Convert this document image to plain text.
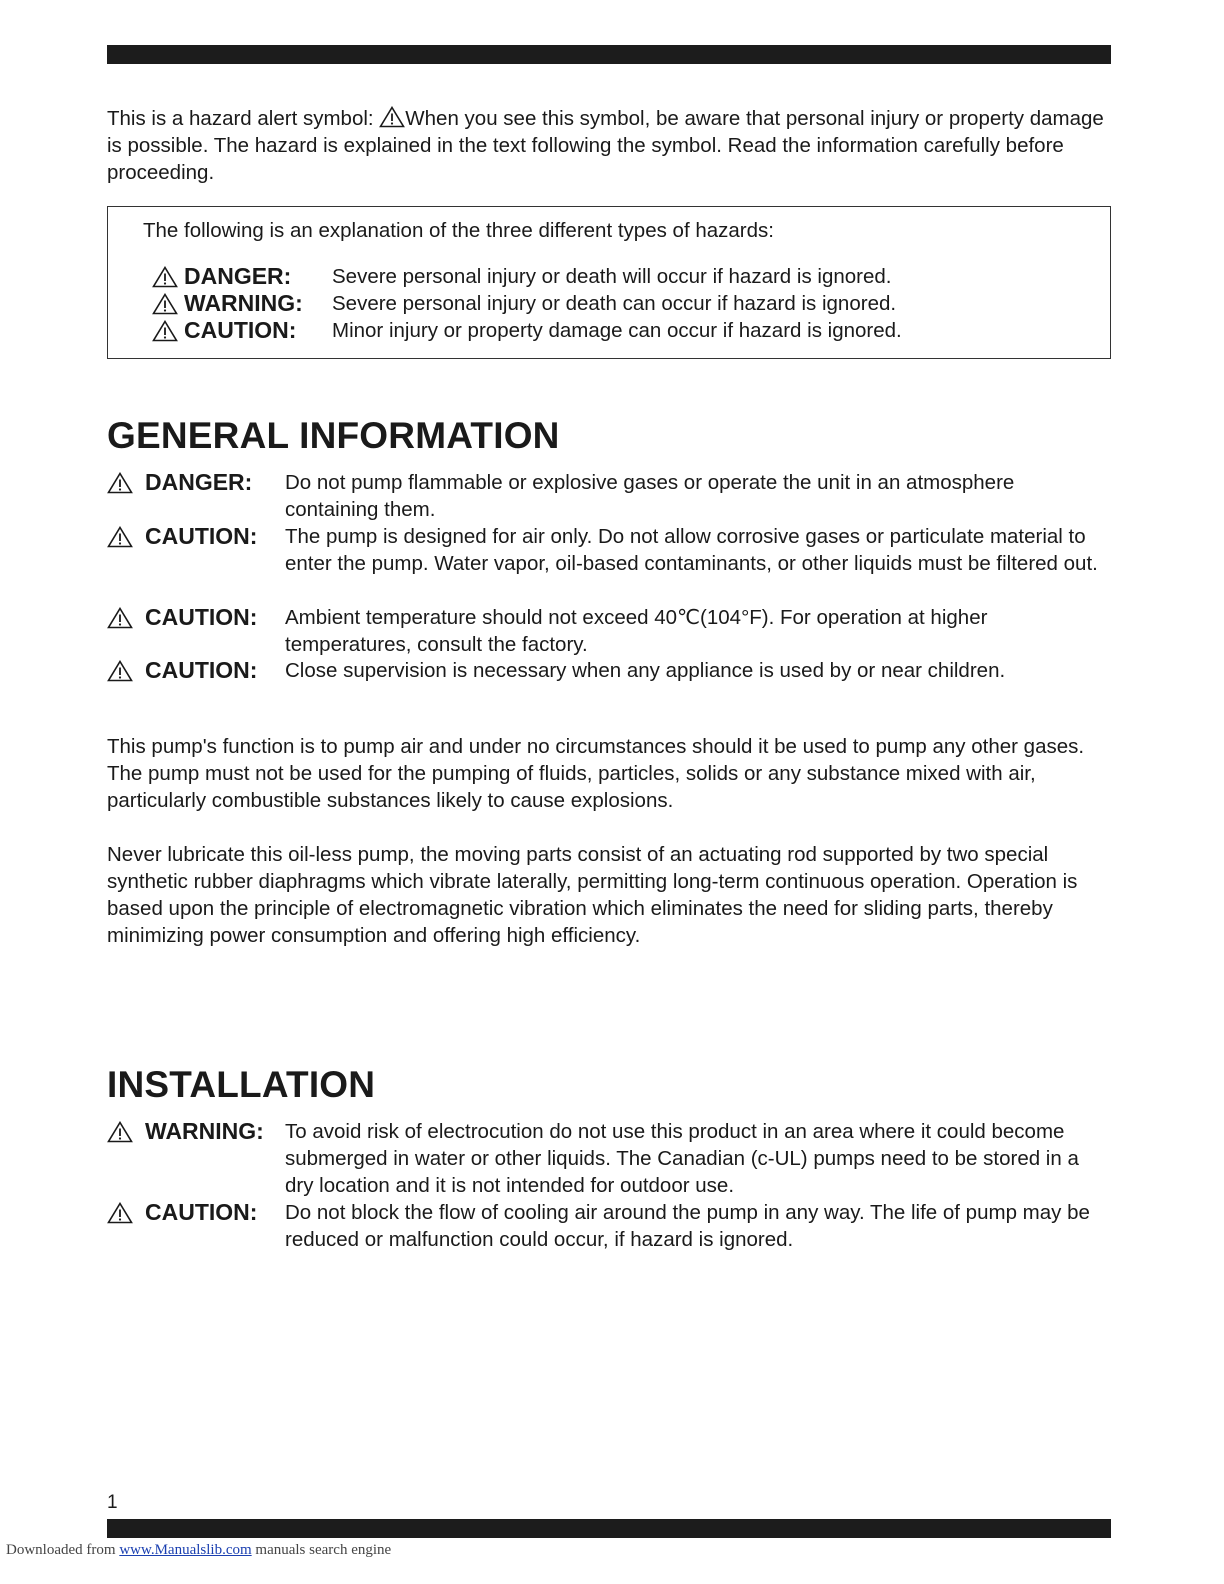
This is a hazard alert symbol:
When you see this symbol, be aware that personal injury or property damage is possible. The hazard is explained in the text following the symbol. Read the information carefully before proceeding.

The following is an explanation of the three different types of hazards:

DANGER: Severe personal injury or death will occur if hazard is ignored.
WARNING: Severe personal injury or death can occur if hazard is ignored.
CAUTION: Minor injury or property damage can occur if hazard is ignored.
GENERAL INFORMATION
DANGER: Do not pump flammable or explosive gases or operate the unit in an atmosphere containing them.

CAUTION: The pump is designed for air only. Do not allow corrosive gases or particulate material to enter the pump. Water vapor, oil-based contaminants, or other liquids must be filtered out.

CAUTION: Ambient temperature should not exceed 40℃(104°F). For operation at higher temperatures, consult the factory.

CAUTION: Close supervision is necessary when any appliance is used by or near children.

This pump's function is to pump air and under no circumstances should it be used to pump any other gases. The pump must not be used for the pumping of fluids, particles, solids or any substance mixed with air, particularly combustible substances likely to cause explosions.

Never lubricate this oil-less pump, the moving parts consist of an actuating rod supported by two special synthetic rubber diaphragms which vibrate laterally, permitting long-term continuous operation. Operation is based upon the principle of electromagnetic vibration which eliminates the need for sliding parts, thereby minimizing power consumption and offering high efficiency.

INSTALLATION
WARNING: To avoid risk of electrocution do not use this product in an area where it could become submerged in water or other liquids. The Canadian (c-UL) pumps need to be stored in a dry location and it is not intended for outdoor use.

CAUTION: Do not block the flow of cooling air around the pump in any way. The life of pump may be reduced or malfunction could occur, if hazard is ignored.

1
Downloaded from www.Manualslib.com manuals search engine
